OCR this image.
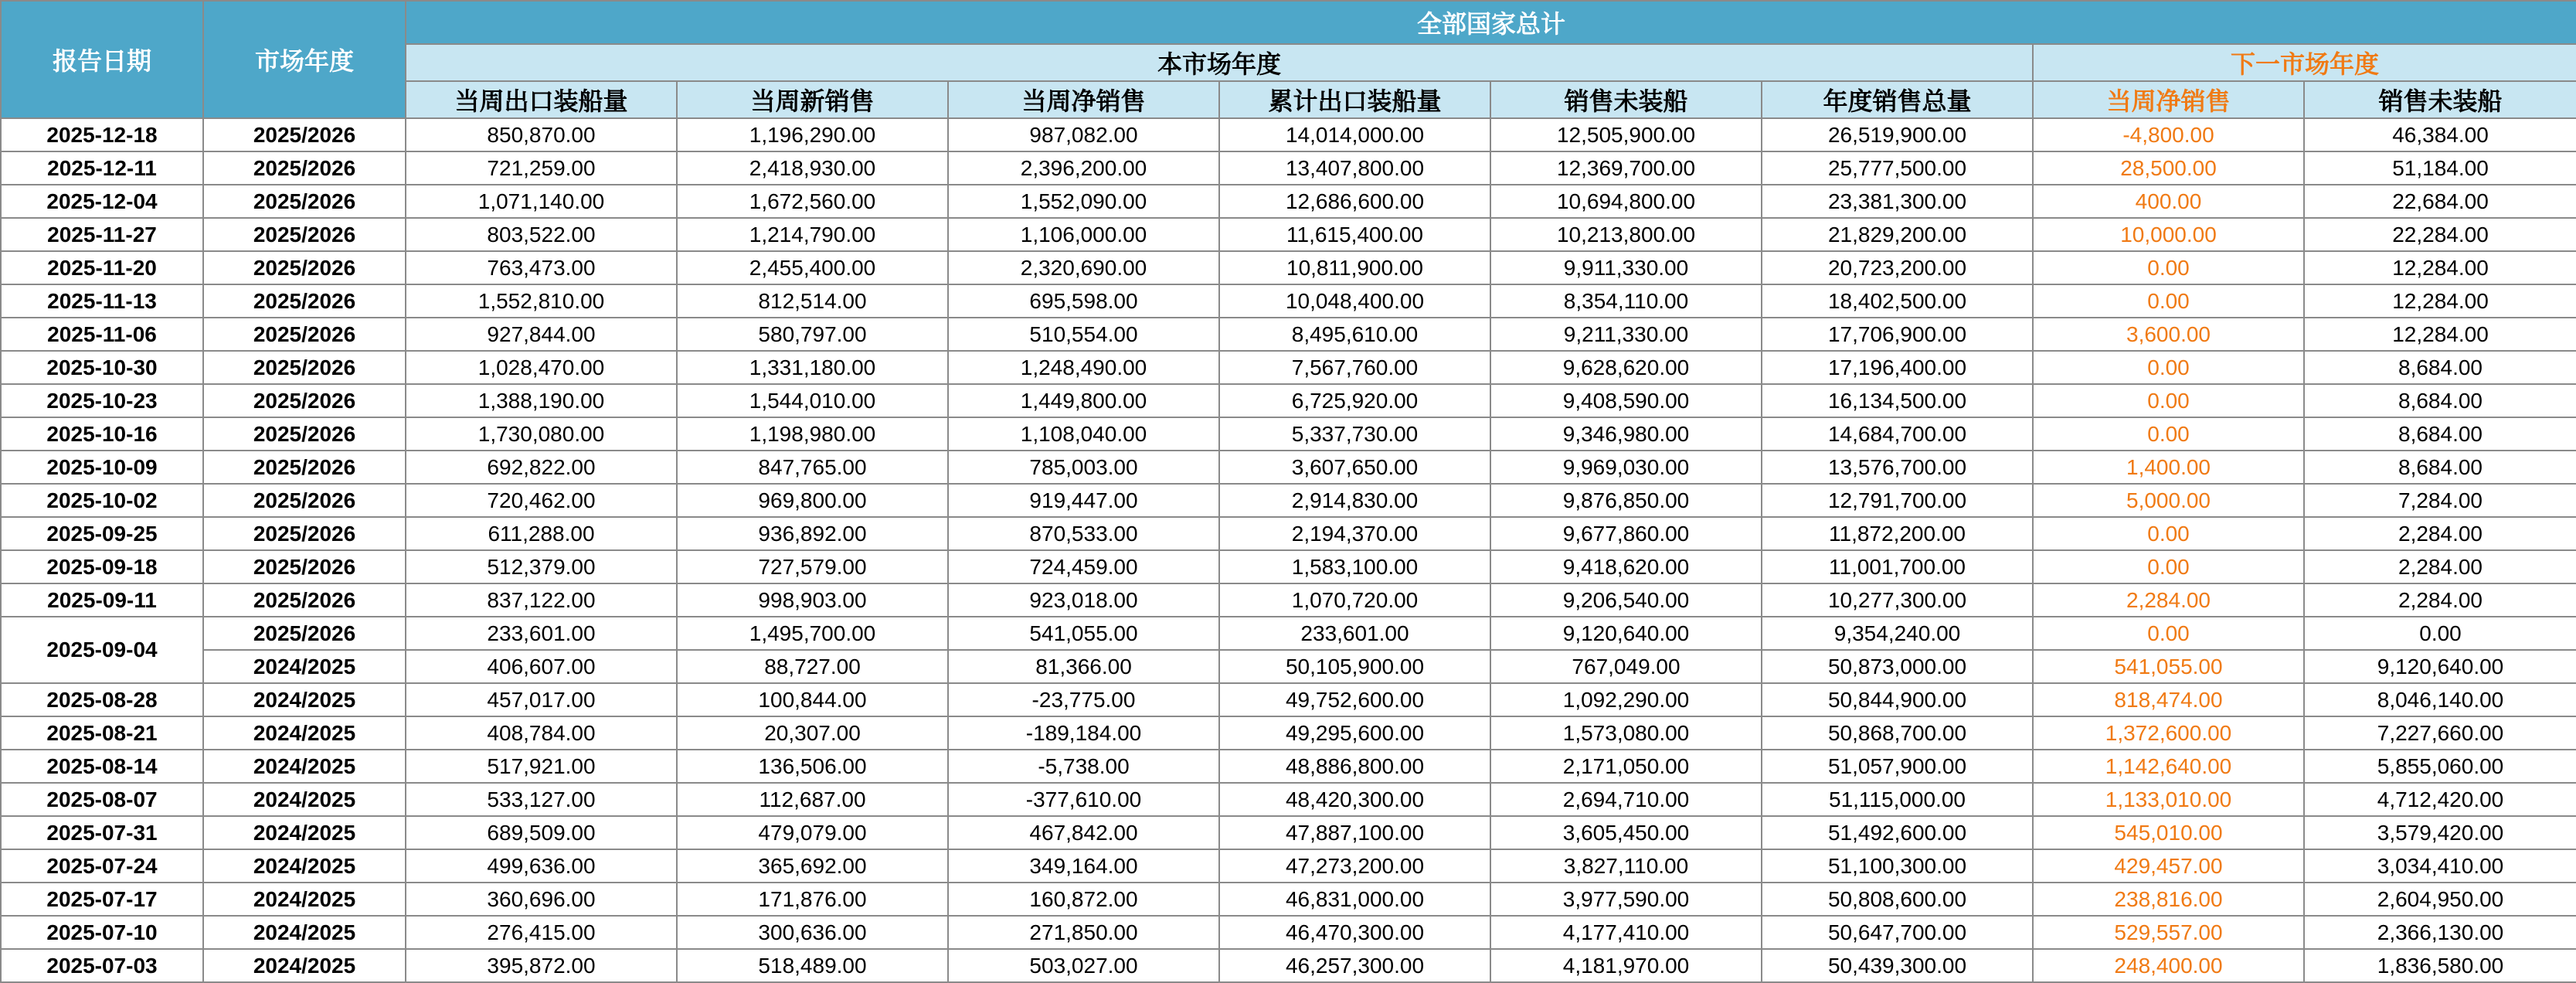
报告日期	市场年度	全部国家总计							
		本市场年度						下一市场年度	
		当周出口装船量	当周新销售	当周净销售	累计出口装船量	销售未装船	年度销售总量	当周净销售	销售未装船
2025-12-18	2025/2026	850,870.00	1,196,290.00	987,082.00	14,014,000.00	12,505,900.00	26,519,900.00	-4,800.00	46,384.00
2025-12-11	2025/2026	721,259.00	2,418,930.00	2,396,200.00	13,407,800.00	12,369,700.00	25,777,500.00	28,500.00	51,184.00
2025-12-04	2025/2026	1,071,140.00	1,672,560.00	1,552,090.00	12,686,600.00	10,694,800.00	23,381,300.00	400.00	22,684.00
2025-11-27	2025/2026	803,522.00	1,214,790.00	1,106,000.00	11,615,400.00	10,213,800.00	21,829,200.00	10,000.00	22,284.00
2025-11-20	2025/2026	763,473.00	2,455,400.00	2,320,690.00	10,811,900.00	9,911,330.00	20,723,200.00	0.00	12,284.00
2025-11-13	2025/2026	1,552,810.00	812,514.00	695,598.00	10,048,400.00	8,354,110.00	18,402,500.00	0.00	12,284.00
2025-11-06	2025/2026	927,844.00	580,797.00	510,554.00	8,495,610.00	9,211,330.00	17,706,900.00	3,600.00	12,284.00
2025-10-30	2025/2026	1,028,470.00	1,331,180.00	1,248,490.00	7,567,760.00	9,628,620.00	17,196,400.00	0.00	8,684.00
2025-10-23	2025/2026	1,388,190.00	1,544,010.00	1,449,800.00	6,725,920.00	9,408,590.00	16,134,500.00	0.00	8,684.00
2025-10-16	2025/2026	1,730,080.00	1,198,980.00	1,108,040.00	5,337,730.00	9,346,980.00	14,684,700.00	0.00	8,684.00
2025-10-09	2025/2026	692,822.00	847,765.00	785,003.00	3,607,650.00	9,969,030.00	13,576,700.00	1,400.00	8,684.00
2025-10-02	2025/2026	720,462.00	969,800.00	919,447.00	2,914,830.00	9,876,850.00	12,791,700.00	5,000.00	7,284.00
2025-09-25	2025/2026	611,288.00	936,892.00	870,533.00	2,194,370.00	9,677,860.00	11,872,200.00	0.00	2,284.00
2025-09-18	2025/2026	512,379.00	727,579.00	724,459.00	1,583,100.00	9,418,620.00	11,001,700.00	0.00	2,284.00
2025-09-11	2025/2026	837,122.00	998,903.00	923,018.00	1,070,720.00	9,206,540.00	10,277,300.00	2,284.00	2,284.00
2025-09-04	2025/2026	233,601.00	1,495,700.00	541,055.00	233,601.00	9,120,640.00	9,354,240.00	0.00	0.00
	2024/2025	406,607.00	88,727.00	81,366.00	50,105,900.00	767,049.00	50,873,000.00	541,055.00	9,120,640.00
2025-08-28	2024/2025	457,017.00	100,844.00	-23,775.00	49,752,600.00	1,092,290.00	50,844,900.00	818,474.00	8,046,140.00
2025-08-21	2024/2025	408,784.00	20,307.00	-189,184.00	49,295,600.00	1,573,080.00	50,868,700.00	1,372,600.00	7,227,660.00
2025-08-14	2024/2025	517,921.00	136,506.00	-5,738.00	48,886,800.00	2,171,050.00	51,057,900.00	1,142,640.00	5,855,060.00
2025-08-07	2024/2025	533,127.00	112,687.00	-377,610.00	48,420,300.00	2,694,710.00	51,115,000.00	1,133,010.00	4,712,420.00
2025-07-31	2024/2025	689,509.00	479,079.00	467,842.00	47,887,100.00	3,605,450.00	51,492,600.00	545,010.00	3,579,420.00
2025-07-24	2024/2025	499,636.00	365,692.00	349,164.00	47,273,200.00	3,827,110.00	51,100,300.00	429,457.00	3,034,410.00
2025-07-17	2024/2025	360,696.00	171,876.00	160,872.00	46,831,000.00	3,977,590.00	50,808,600.00	238,816.00	2,604,950.00
2025-07-10	2024/2025	276,415.00	300,636.00	271,850.00	46,470,300.00	4,177,410.00	50,647,700.00	529,557.00	2,366,130.00
2025-07-03	2024/2025	395,872.00	518,489.00	503,027.00	46,257,300.00	4,181,970.00	50,439,300.00	248,400.00	1,836,580.00
